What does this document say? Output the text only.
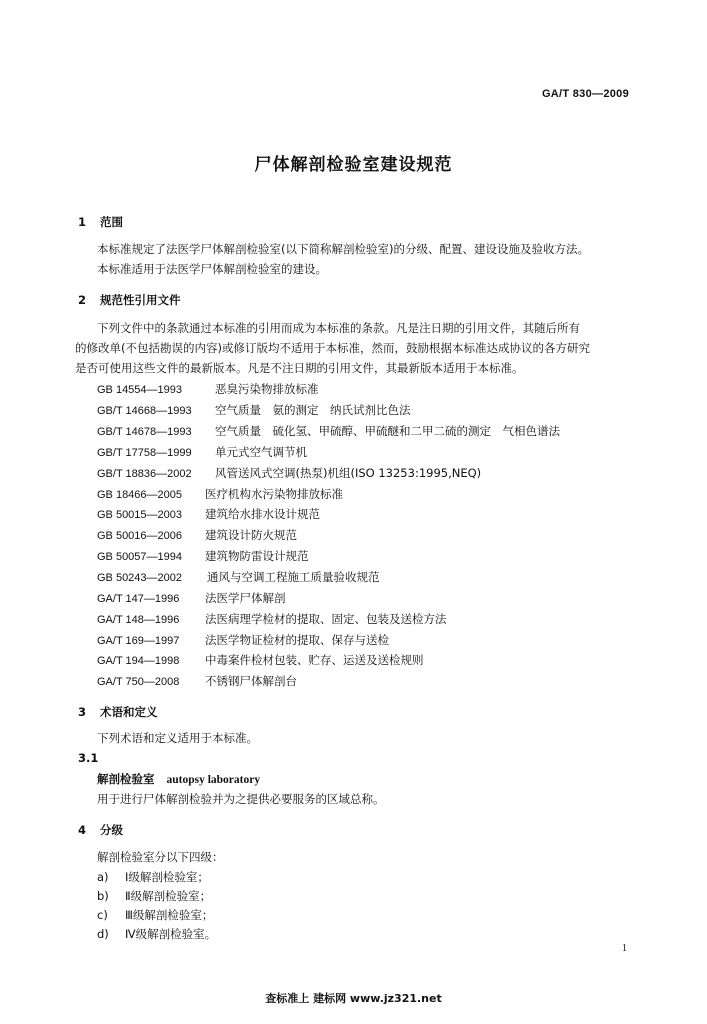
GA/T 830—2009
尸体解剖检验室建设规范
1 范围
本标准规定了法医学尸体解剖检验室(以下简称解剖检验室)的分级、配置、建设设施及验收方法。
本标准适用于法医学尸体解剖检验室的建设。
2 规范性引用文件
下列文件中的条款通过本标准的引用而成为本标准的条款。凡是注日期的引用文件，其随后所有
的修改单(不包括勘误的内容)或修订版均不适用于本标准，然而，鼓励根据本标准达成协议的各方研究
是否可使用这些文件的最新版本。凡是不注日期的引用文件，其最新版本适用于本标准。
GB 14554—1993	恶臭污染物排放标准
GB/T 14668—1993 空气质量　氨的测定　纳氏试剂比色法
GB/T 14678—1993 空气质量　硫化氢、甲硫醇、甲硫醚和二甲二硫的测定　气相色谱法
GB/T 17758—1999 单元式空气调节机
GB/T 18836—2002 风管送风式空调(热泵)机组(ISO 13253:1995,NEQ)
GB 18466—2005 医疗机构水污染物排放标准
GB 50015—2003 建筑给水排水设计规范
GB 50016—2006 建筑设计防火规范
GB 50057—1994 建筑物防雷设计规范
GB 50243—2002 通风与空调工程施工质量验收规范
GA/T 147—1996 法医学尸体解剖
GA/T 148—1996 法医病理学检材的提取、固定、包装及送检方法
GA/T 169—1997 法医学物证检材的提取、保存与送检
GA/T 194—1998 中毒案件检材包装、贮存、运送及送检规则
GA/T 750—2008 不锈钢尸体解剖台
3 术语和定义
下列术语和定义适用于本标准。
3.1
解剖检验室 autopsy laboratory
用于进行尸体解剖检验并为之提供必要服务的区域总称。
4 分级
解剖检验室分以下四级：
a) Ⅰ级解剖检验室；
b) Ⅱ级解剖检验室；
c) Ⅲ级解剖检验室；
d) Ⅳ级解剖检验室。
1
查标准上 建标网 www.jz321.net
